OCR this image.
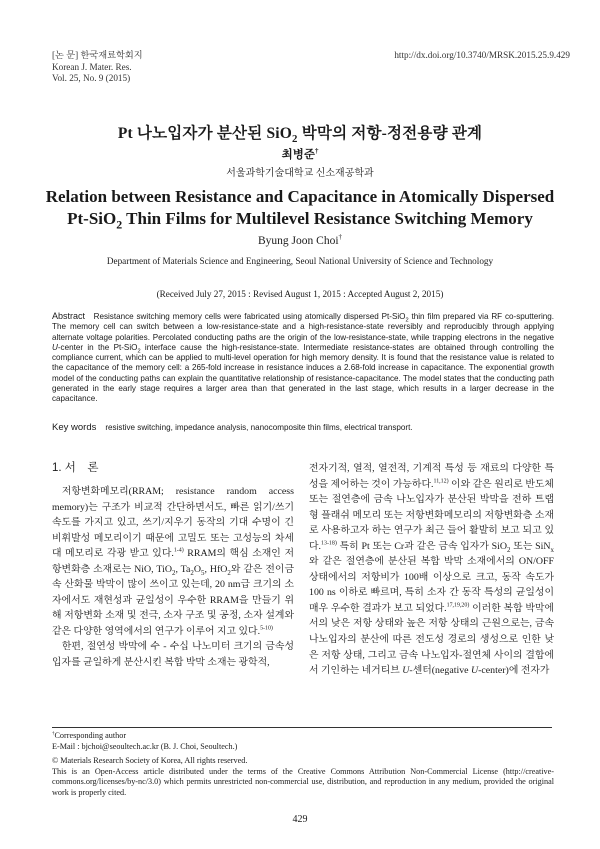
[논 문] 한국재료학회지
Korean J. Mater. Res.
Vol. 25, No. 9 (2015)
http://dx.doi.org/10.3740/MRSK.2015.25.9.429
Pt 나노입자가 분산된 SiO$_2$ 박막의 저항-정전용량 관계
최병준†
서울과학기술대학교 신소재공학과
Relation between Resistance and Capacitance in Atomically Dispersed
Pt-SiO$_2$ Thin Films for Multilevel Resistance Switching Memory
Byung Joon Choi†
Department of Materials Science and Engineering, Seoul National University of Science and Technology
(Received July 27, 2015 : Revised August 1, 2015 : Accepted August 2, 2015)
Abstract Resistance switching memory cells were fabricated using atomically dispersed Pt-SiO$_2$ thin film prepared via RF co-sputtering. The memory cell can switch between a low-resistance-state and a high-resistance-state reversibly and reproducibly through applying alternate voltage polarities. Percolated conducting paths are the origin of the low-resistance-state, while trapping electrons in the negative U-center in the Pt-SiO$_2$ interface cause the high-resistance-state. Intermediate resistance-states are obtained through controlling the compliance current, which can be applied to multi-level operation for high memory density. It is found that the resistance value is related to the capacitance of the memory cell: a 265-fold increase in resistance induces a 2.68-fold increase in capacitance. The exponential growth model of the conducting paths can explain the quantitative relationship of resistance-capacitance. The model states that the conducting path generated in the early stage requires a larger area than that generated in the last stage, which results in a larger decrease in the capacitance.
Key words resistive switching, impedance analysis, nanocomposite thin films, electrical transport.
1. 서　론

저항변화메모리(RRAM; resistance random access memory)는 구조가 비교적 간단하면서도, 빠른 읽기/쓰기 속도를 가지고 있고, 쓰기/지우기 동작의 기대 수명이 긴 비휘발성 메모리이기 때문에 고밀도 또는 고성능의 차세대 메모리로 각광 받고 있다.$^{1-4)}$ RRAM의 핵심 소재인 저항변화층 소재로는 NiO, TiO$_2$, $Ta_2O_5$, HfO$_2$와 같은 전이금속 산화물 박막이 많이 쓰이고 있는데, 20 nm급 크기의 소자에서도 재현성과 균일성이 우수한 RRAM을 만들기 위해 저항변화 소재 및 전극, 소자 구조 및 공정, 소자 설계와 같은 다양한 영역에서의 연구가 이루어 지고 있다.$^{5-10)}$

한편, 절연성 박막에 수 - 수십 나노미터 크기의 금속성 입자를 균일하게 분산시킨 복합 박막 소재는 광학적,

전자기적, 열적, 열전적, 기계적 특성 등 재료의 다양한 특성을 제어하는 것이 가능하다.$^{11,12)}$ 이와 같은 원리로 반도체 또는 절연층에 금속 나노입자가 분산된 박막을 전하 트랩형 플래쉬 메모리 또는 저항변화메모리의 저항변화층 소재로 사용하고자 하는 연구가 최근 들어 활발히 보고 되고 있다.$^{13-18)}$ 특히 Pt 또는 Cr과 같은 금속 입자가 SiO$_2$ 또는 SiN$_x$와 같은 절연층에 분산된 복합 박막 소재에서의 ON/OFF 상태에서의 저항비가 100배 이상으로 크고, 동작 속도가 100 ns 이하로 빠르며, 특히 소자 간 동작 특성의 균일성이 매우 우수한 결과가 보고 되었다.$^{17,19,20)}$ 이러한 복합 박막에서의 낮은 저항 상태와 높은 저항 상태의 근원으로는, 금속 나노입자의 분산에 따른 전도성 경로의 생성으로 인한 낮은 저항 상태, 그리고 금속 나노입자-절연체 사이의 결합에서 기인하는 네거티브 U-센터(negative U-center)에 전자가

†Corresponding author
E-Mail : bjchoi@seoultech.ac.kr (B. J. Choi, Seoultech.)
© Materials Research Society of Korea, All rights reserved.
This is an Open-Access article distributed under the terms of the Creative Commons Attribution Non-Commercial License (http://creative-commons.org/licenses/by-nc/3.0) which permits unrestricted non-commercial use, distribution, and reproduction in any medium, provided the original work is properly cited.
429
